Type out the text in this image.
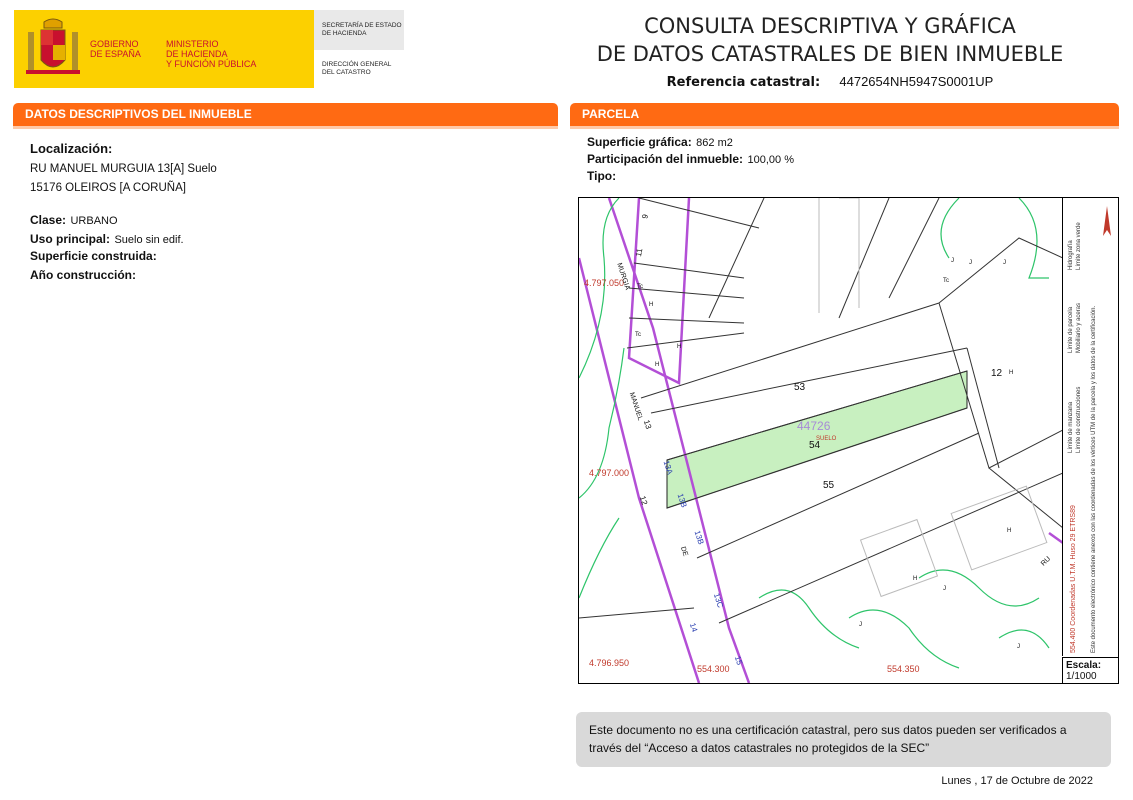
GOBIERNO
DE ESPAÑA
MINISTERIO
DE HACIENDA
Y FUNCIÓN PÚBLICA
SECRETARÍA DE ESTADO
DE HACIENDA
DIRECCIÓN GENERAL
DEL CATASTRO
CONSULTA DESCRIPTIVA Y GRÁFICA
DE DATOS CATASTRALES DE BIEN INMUEBLE
Referencia catastral: 4472654NH5947S0001UP
DATOS DESCRIPTIVOS DEL INMUEBLE
Localización:
RU MANUEL MURGUIA 13[A] Suelo
15176 OLEIROS [A CORUÑA]
Clase: URBANO
Uso principal: Suelo sin edif.
Superficie construida:
Año construcción:
PARCELA
Superficie gráfica: 862 m2
Participación del inmueble: 100,00 %
Tipo:
4.797.050
4.797.000
4.796.950
554.300	554.350
53
54
55
12
44726
SUELO
9
11
13
13A
13B
13C
14
15
12
13B
MURGIA
MANUEL
DE
RU
Tc
H
Tc
H
H
Tc
H
H
H
J	J	J
J
J
J	554.400 Coordenadas U.T.M. Huso 29 ETRS89 Este documento electrónico contiene anexos con las coordenadas de los vértices UTM de la parcela y los datos de la certificación.
Límite de manzana Límite de construcciones
Límite de parcela Mobiliario y aceras
Hidrografía Límite zona verde
Escala:
1/1000
Este documento no es una certificación catastral, pero sus datos pueden ser verificados a través del “Acceso a datos catastrales no protegidos de la SEC”
Lunes , 17 de Octubre de 2022
